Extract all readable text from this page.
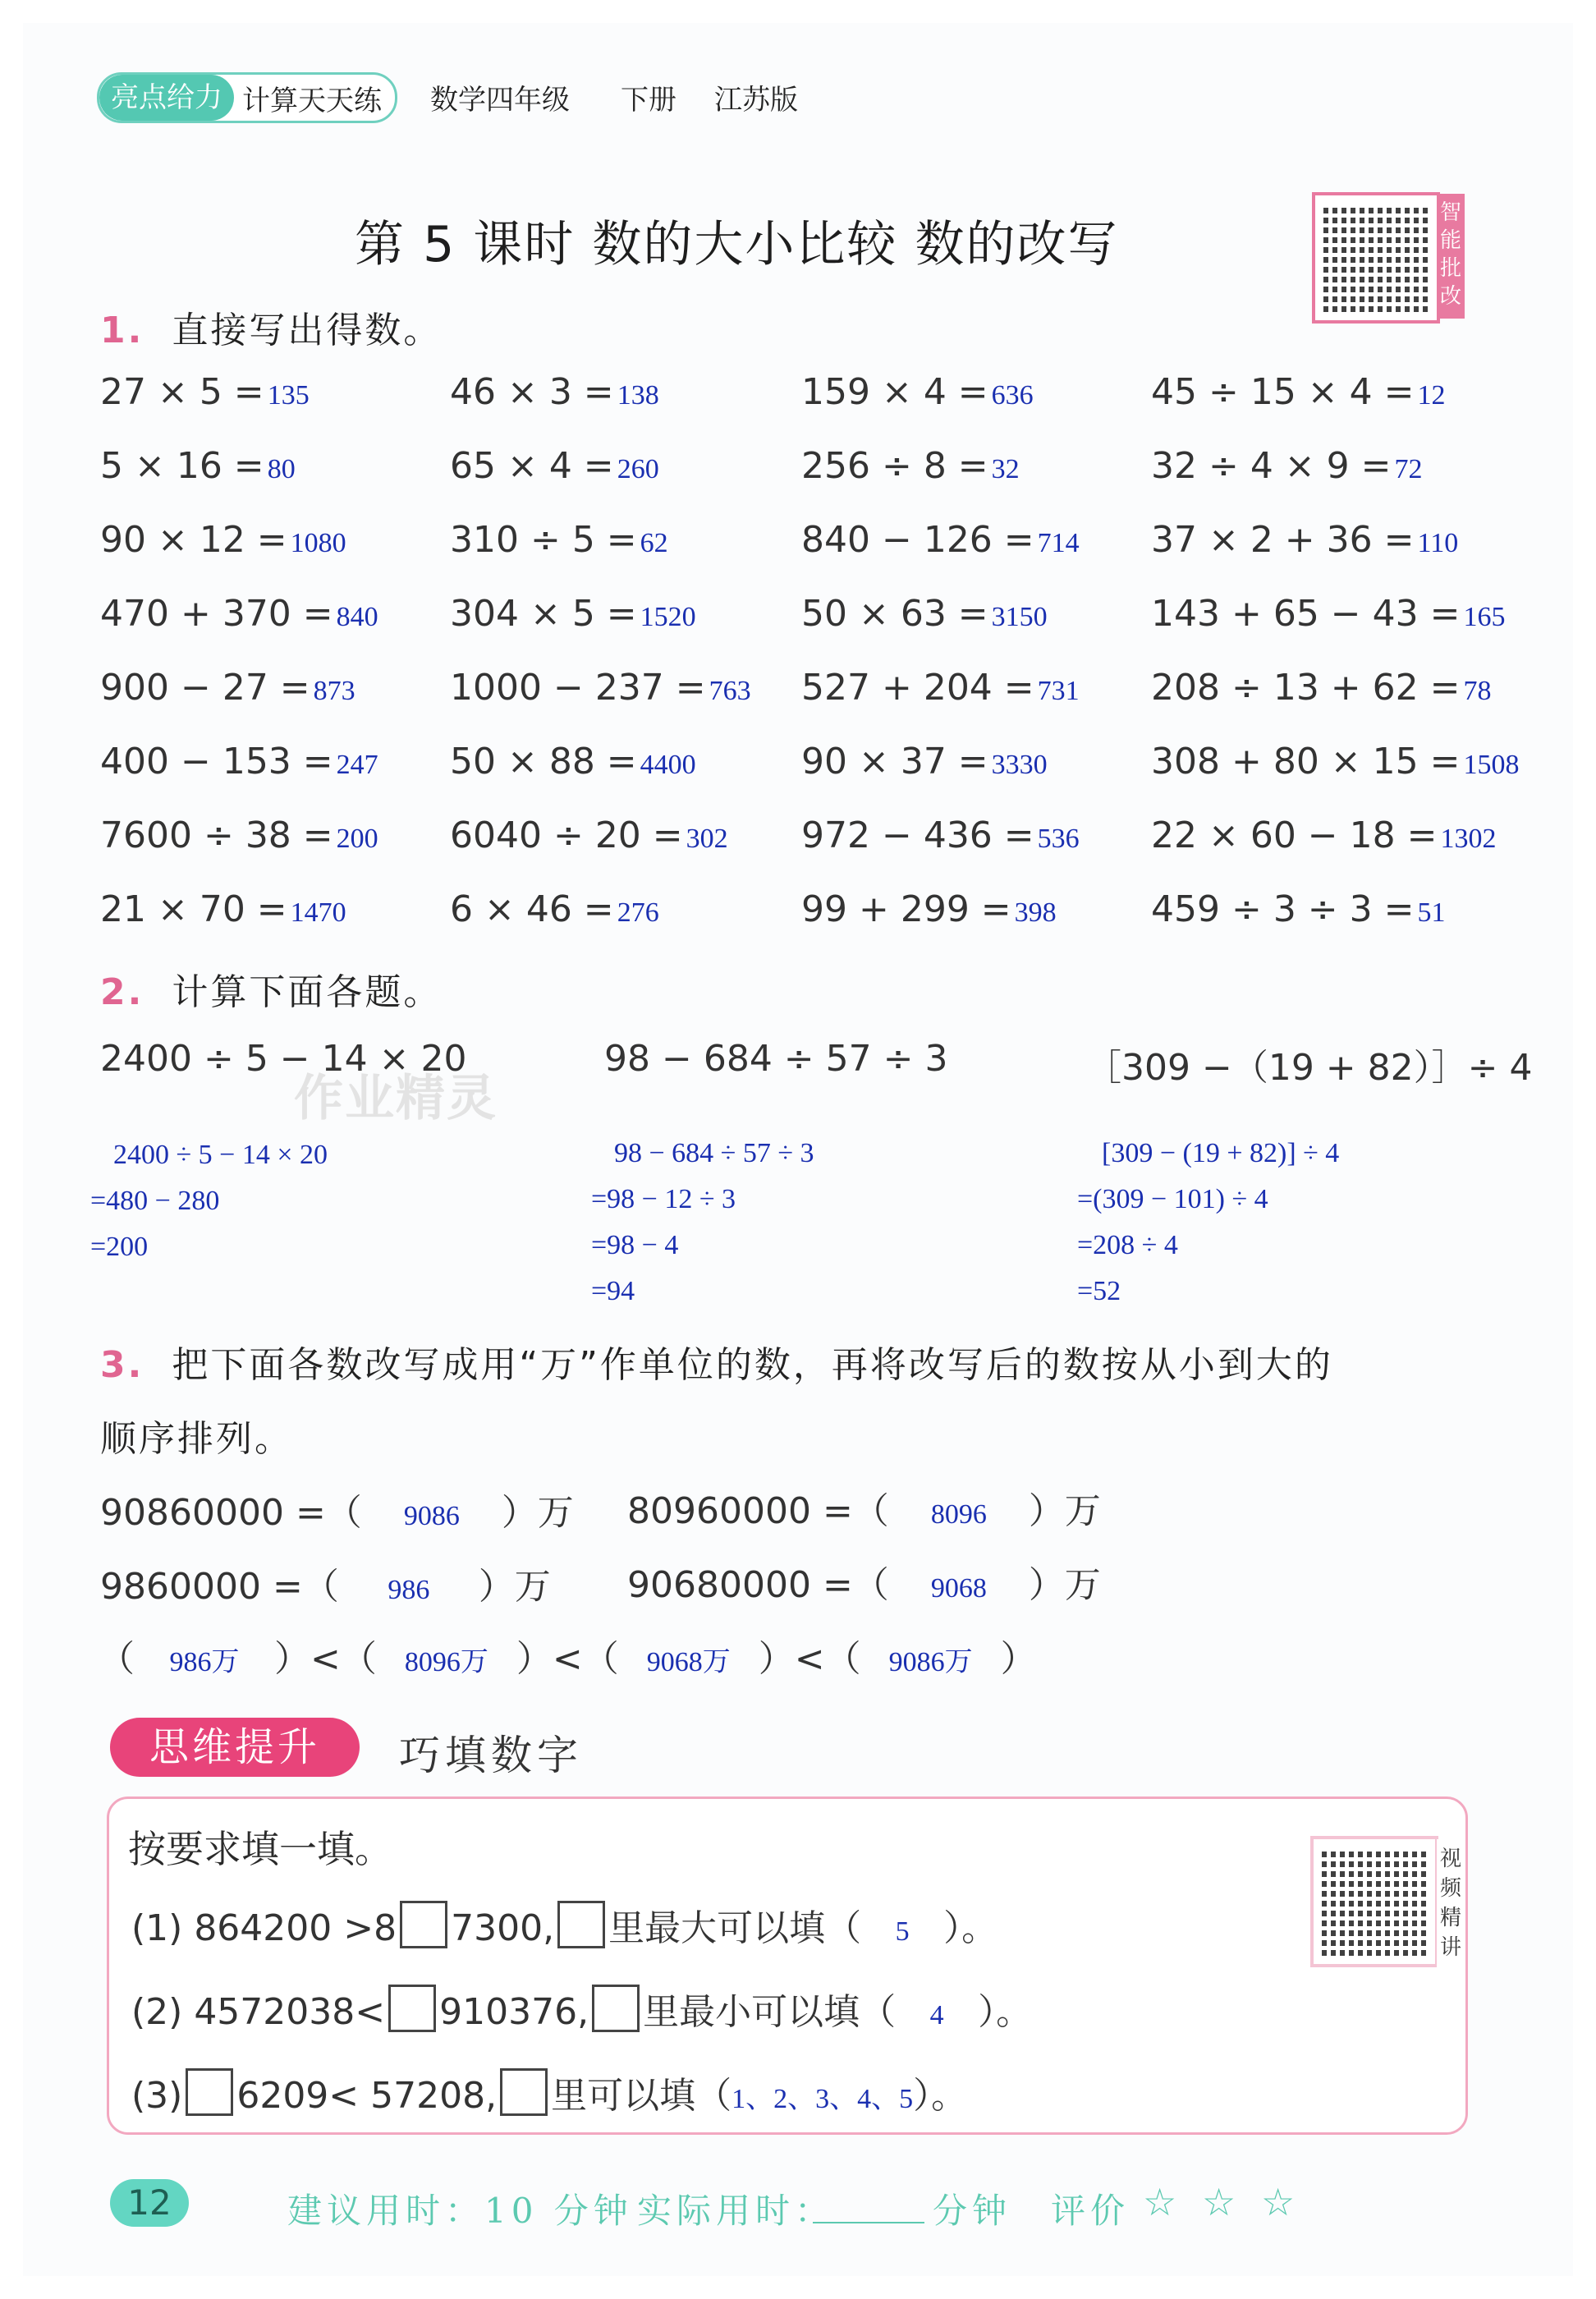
亮点给力 计算天天练	数学四年级 下册 江苏版
第 5 课时 数的大小比较 数的改写
智能批改
1. 直接写出得数。
27 × 5 = 135	46 × 3 = 138	159 × 4 = 636	45 ÷ 15 × 4 = 12
5 × 16 = 80	65 × 4 = 260	256 ÷ 8 = 32	32 ÷ 4 × 9 = 72
90 × 12 = 1080	310 ÷ 5 = 62	840 − 126 = 714 37 × 2 + 36 = 110
470 + 370 = 840 304 × 5 = 1520	50 × 63 = 3150	143 + 65 − 43 = 165
900 − 27 = 873	1000 − 237 = 763 527 + 204 = 731 208 ÷ 13 + 62 = 78
400 − 153 = 247 50 × 88 = 4400	90 × 37 = 3330	308 + 80 × 15 = 1508
7600 ÷ 38 = 200 6040 ÷ 20 = 302 972 − 436 = 536 22 × 60 − 18 = 1302
21 × 70 = 1470	6 × 46 = 276	99 + 299 = 398	459 ÷ 3 ÷ 3 = 51
2. 计算下面各题。
2400 ÷ 5 − 14 × 20	98 − 684 ÷ 57 ÷ 3	［309 −（19 + 82）］÷ 4
作业精灵
2400 ÷ 5 − 14 × 20
=480 − 280
=200
98 − 684 ÷ 57 ÷ 3
=98 − 12 ÷ 3
=98 − 4
=94
[309 − (19 + 82)] ÷ 4
=(309 − 101) ÷ 4
=208 ÷ 4
=52
3. 把下面各数改写成用“万”作单位的数，再将改写后的数按从小到大的
顺序排列。
90860000 =（ 9086 ）万 80960000 =（ 8096 ）万
9860000 =（ 986 ）万 90680000 =（ 9068 ）万
（ 986万 ）<（ 8096万 ）<（ 9068万 ）<（ 9086万 ）
思维提升	巧填数字
按要求填一填。	视频精讲
(1) 864200 >8 7300, 里最大可以填（ 5 ）。
(2) 4572038< 910376, 里最小可以填（ 4 ）。
(3) 6209< 57208, 里可以填（1、2、3、4、5）。
12	建议用时：10 分钟 实际用时：	分钟 评价 ☆ ☆ ☆
